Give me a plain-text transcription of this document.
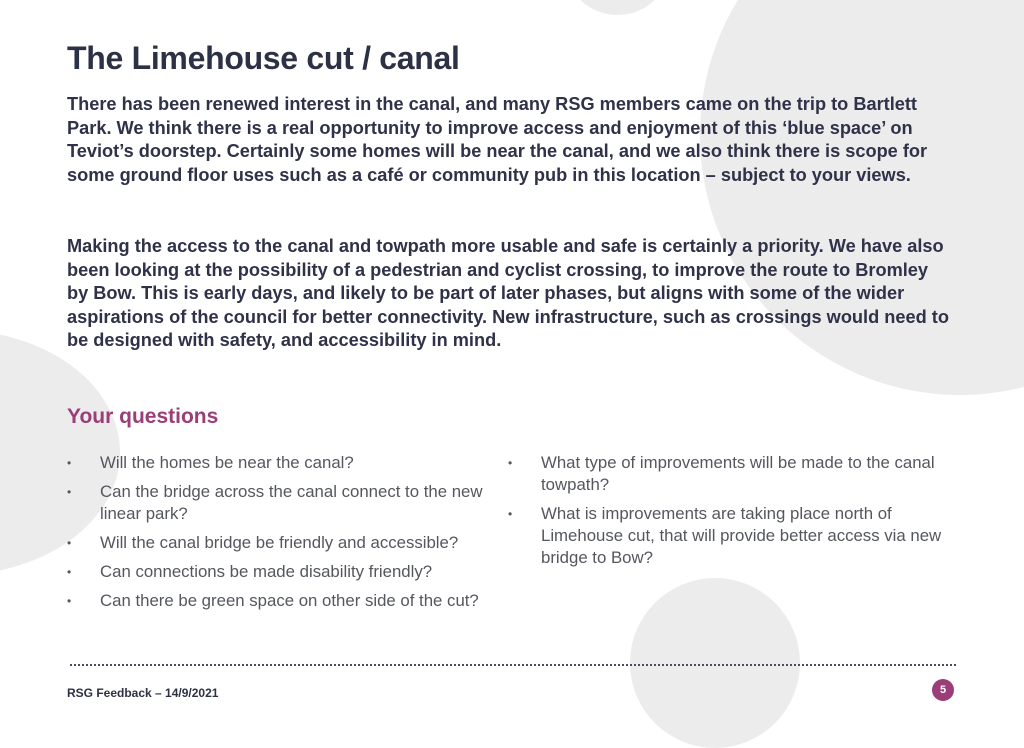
The Limehouse cut / canal

There has been renewed interest in the canal, and many RSG members came on the trip to Bartlett Park. We think there is a real opportunity to improve access and enjoyment of this ‘blue space’ on Teviot’s doorstep. Certainly some homes will be near the canal, and we also think there is scope for some ground floor uses such as a café or community pub in this location – subject to your views.

Making the access to the canal and towpath more usable and safe is certainly a priority. We have also been looking at the possibility of a pedestrian and cyclist crossing, to improve the route to Bromley by Bow. This is early days, and likely to be part of later phases, but aligns with some of the wider aspirations of the council for better connectivity. New infrastructure, such as crossings would need to be designed with safety, and accessibility in mind.

Your questions
• Will the homes be near the canal?
• Can the bridge across the canal connect to the new linear park?
• Will the canal bridge be friendly and accessible?
• Can connections be made disability friendly?
• Can there be green space on other side of the cut?
• What type of improvements will be made to the canal towpath?
• What is improvements are taking place north of Limehouse cut, that will provide better access via new bridge to Bow?
RSG Feedback – 14/9/2021	5
